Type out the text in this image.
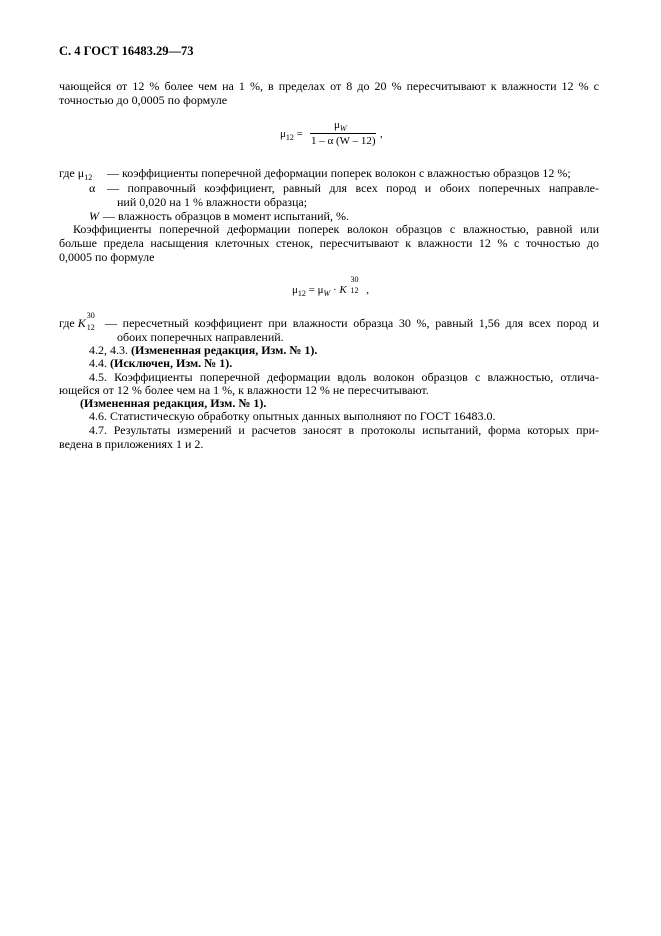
С. 4 ГОСТ 16483.29—73
чающейся от 12 % более чем на 1 %, в пределах от 8 до 20 % пересчитывают к влажности 12 % с
точностью до 0,0005 по формуле
$\mu_{12}$ =
$\mu_W$
1 – α (W – 12)
,
где $\mu_{12}$ — коэффициенты поперечной деформации поперек волокон с влажностью образцов 12 %;
α — поправочный коэффициент, равный для всех пород и обоих поперечных направле-
ний 0,020 на 1 % влажности образца;
W — влажность образцов в момент испытаний, %.
Коэффициенты поперечной деформации поперек волокон образцов с влажностью, равной или
больше предела насыщения клеточных стенок, пересчитывают к влажности 12 % с точностью до
0,0005 по формуле
$\mu_{12} = \mu_W \cdot K$
30
12 ,
где K
30
12 — пересчетный коэффициент при влажности образца 30 %, равный 1,56 для всех пород и
обоих поперечных направлений.
4.2, 4.3. (Измененная редакция, Изм. № 1).
4.4. (Исключен, Изм. № 1).
4.5. Коэффициенты поперечной деформации вдоль волокон образцов с влажностью, отлича-
ющейся от 12 % более чем на 1 %, к влажности 12 % не пересчитывают.
(Измененная редакция, Изм. № 1).
4.6. Статистическую обработку опытных данных выполняют по ГОСТ 16483.0.
4.7. Результаты измерений и расчетов заносят в протоколы испытаний, форма которых при-
ведена в приложениях 1 и 2.
